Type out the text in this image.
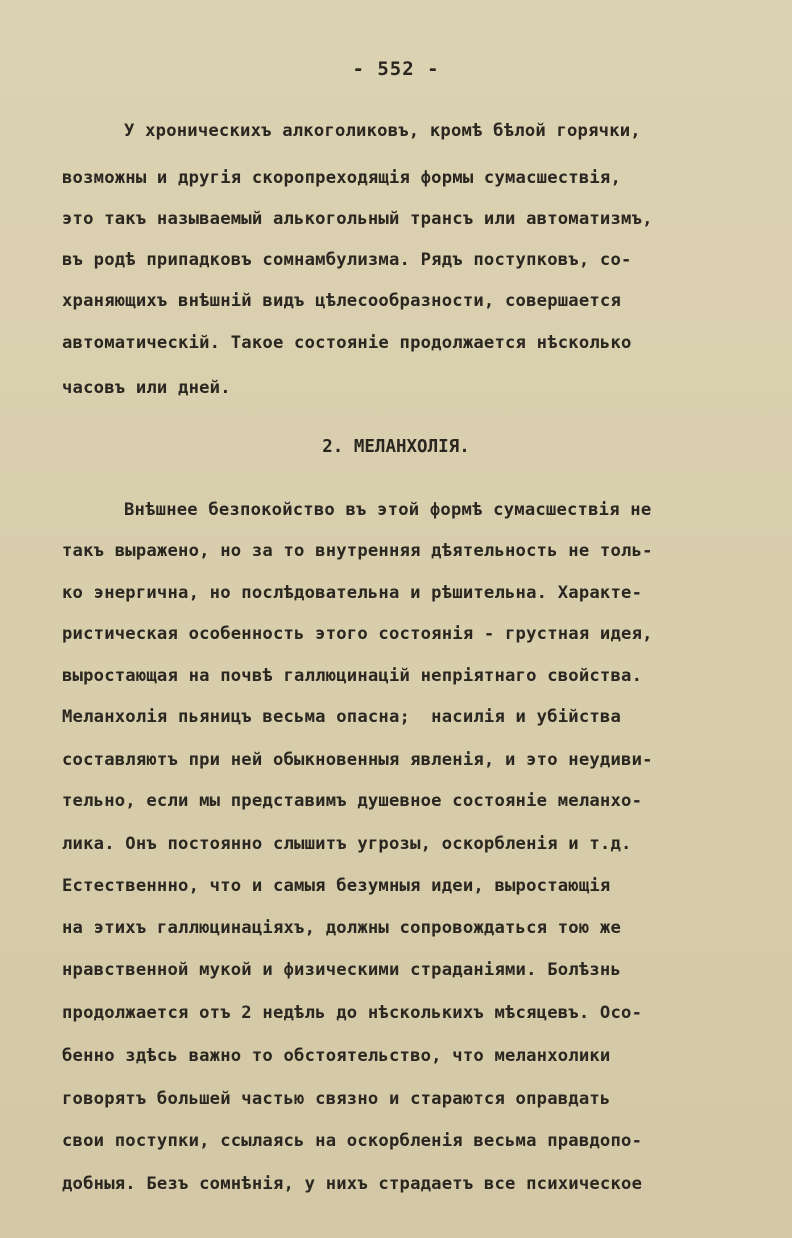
- 552 -
У хроническихъ алкоголиковъ, кромѣ бѣлой горячки,
возможны и другія скоропреходящія формы сумасшествія,
это такъ называемый алькогольный трансъ или автоматизмъ,
въ родѣ припадковъ сомнамбулизма. Рядъ поступковъ, со-
храняющихъ внѣшній видъ цѣлесообразности, совершается
автоматическій. Такое состояніе продолжается нѣсколько
часовъ или дней.
2. МЕЛАНХОЛІЯ.
Внѣшнее безпокойство въ этой формѣ сумасшествія не
такъ выражено, но за то внутренняя дѣятельность не толь-
ко энергична, но послѣдовательна и рѣшительна. Характе-
ристическая особенность этого состоянія - грустная идея,
выростающая на почвѣ галлюцинацій непріятнаго свойства.
Меланхолія пьяницъ весьма опасна;  насилія и убійства
составляютъ при ней обыкновенныя явленія, и это неудиви-
тельно, если мы представимъ душевное состояніе меланхо-
лика. Онъ постоянно слышитъ угрозы, оскорбленія и т.д.
Естественнно, что и самыя безумныя идеи, выростающія
на этихъ галлюцинаціяхъ, должны сопровождаться тою же
нравственной мукой и физическими страданіями. Болѣзнь
продолжается отъ 2 недѣль до нѣсколькихъ мѣсяцевъ. Осо-
бенно здѣсь важно то обстоятельство, что меланхолики
говорятъ большей частью связно и стараются оправдать
свои поступки, ссылаясь на оскорбленія весьма правдопо-
добныя. Безъ сомнѣнія, у нихъ страдаетъ все психическое
